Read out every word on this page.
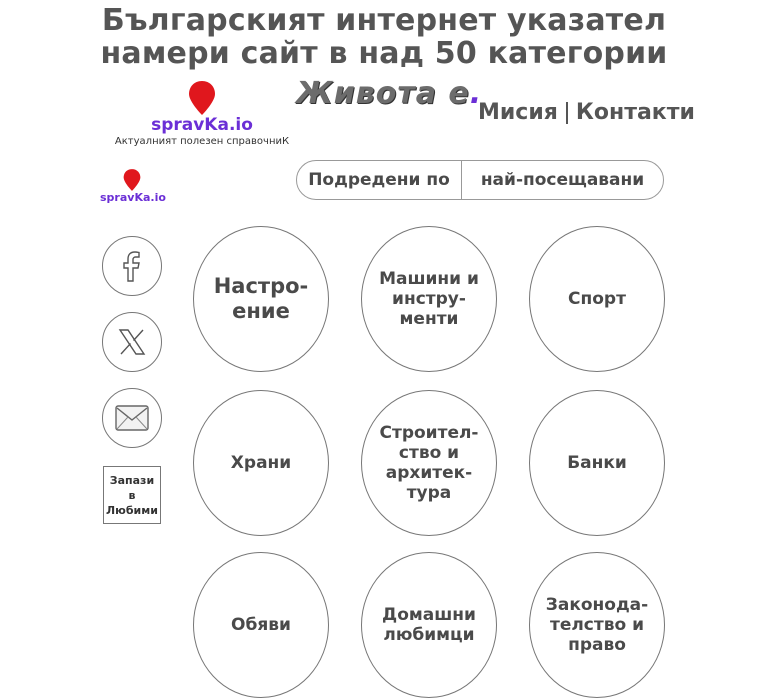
Българският интернет указател
намери сайт в над 50 категории
spravKa.io
Актуалният полезен справочниК
Живота е.
Мисия Контакти
spravKa.io
Подредени по	най-посещавани
Запази
в
Любими
Настро-
ение
Машини и
инстру-
менти
Спорт
Храни
Строител-
ство и
архитек-
тура
Банки
Обяви	Домашни
любимци
Законода-
телство и
право
